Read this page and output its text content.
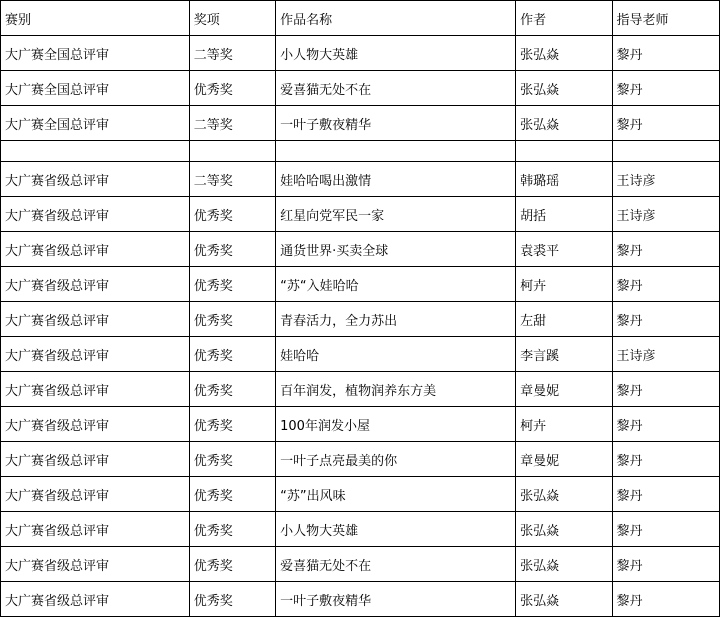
赛别	奖项	作品名称	作者	指导老师
大广赛全国总评审	二等奖	小人物大英雄	张弘焱	黎丹
大广赛全国总评审	优秀奖	爱喜猫无处不在	张弘焱	黎丹
大广赛全国总评审	二等奖	一叶子敷夜精华	张弘焱	黎丹

大广赛省级总评审	二等奖	娃哈哈喝出激情	韩璐瑶	王诗彦
大广赛省级总评审	优秀奖	红星向党军民一家	胡括	王诗彦
大广赛省级总评审	优秀奖	通货世界·买卖全球	袁裘平	黎丹
大广赛省级总评审	优秀奖	“苏“入娃哈哈	柯卉	黎丹
大广赛省级总评审	优秀奖	青春活力，全力苏出	左甜	黎丹
大广赛省级总评审	优秀奖	娃哈哈	李言蹊	王诗彦
大广赛省级总评审	优秀奖	百年润发，植物润养东方美	章曼妮	黎丹
大广赛省级总评审	优秀奖	100年润发小屋	柯卉	黎丹
大广赛省级总评审	优秀奖	一叶子点亮最美的你	章曼妮	黎丹
大广赛省级总评审	优秀奖	“苏”出风味	张弘焱	黎丹
大广赛省级总评审	优秀奖	小人物大英雄	张弘焱	黎丹
大广赛省级总评审	优秀奖	爱喜猫无处不在	张弘焱	黎丹
大广赛省级总评审	优秀奖	一叶子敷夜精华	张弘焱	黎丹
